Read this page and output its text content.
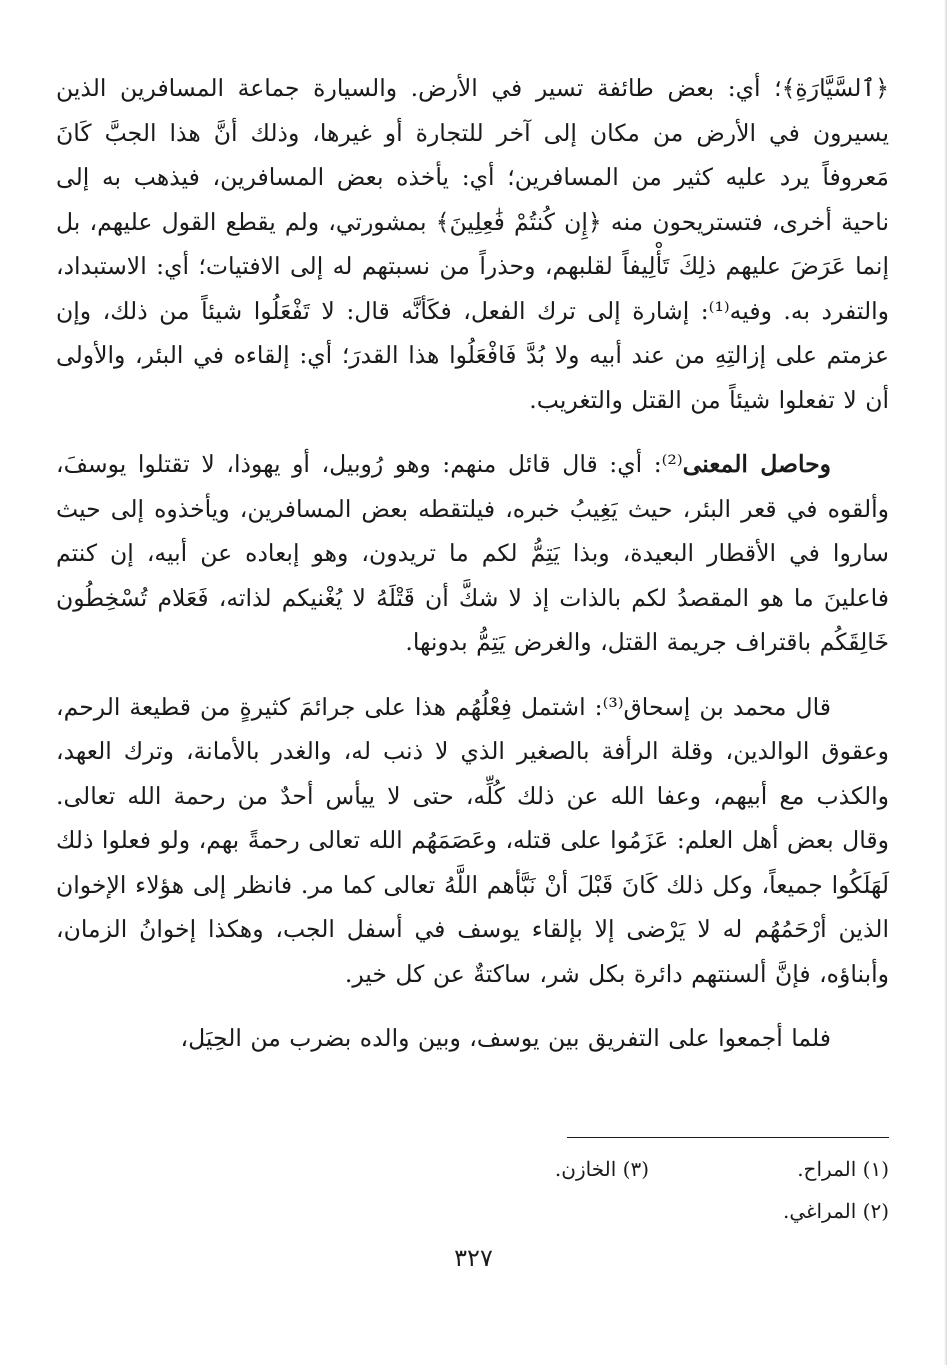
﴿ٱلسَّيَّارَةِ﴾؛ أي: بعض طائفة تسير في الأرض. والسيارة جماعة المسافرين الذين يسيرون في الأرض من مكان إلى آخر للتجارة أو غيرها، وذلك أنَّ هذا الجبَّ كَانَ مَعروفاً يرد عليه كثير من المسافرين؛ أي: يأخذه بعض المسافرين، فيذهب به إلى ناحية أخرى، فتستريحون منه ﴿إِن كُنتُمْ فَٰعِلِينَ﴾ بمشورتي، ولم يقطع القول عليهم، بل إنما عَرَضَ عليهم ذلِكَ تَأْلِيفاً لقلبهم، وحذراً من نسبتهم له إلى الافتيات؛ أي: الاستبداد، والتفرد به. وفيه⁽¹⁾: إشارة إلى ترك الفعل، فكَأنَّه قال: لا تَفْعَلُوا شيئاً من ذلك، وإن عزمتم على إزالتِهِ من عند أبيه ولا بُدَّ فَافْعَلُوا هذا القدرَ؛ أي: إلقاءه في البئر، والأولى أن لا تفعلوا شيئاً من القتل والتغريب.

وحاصل المعنى⁽²⁾: أي: قال قائل منهم: وهو رُوبيل، أو يهوذا، لا تقتلوا يوسفَ، وألقوه في قعر البئر، حيث يَغِيبُ خبره، فيلتقطه بعض المسافرين، ويأخذوه إلى حيث ساروا في الأقطار البعيدة، وبذا يَتِمُّ لكم ما تريدون، وهو إبعاده عن أبيه، إن كنتم فاعلينَ ما هو المقصدُ لكم بالذات إذ لا شكَّ أن قَتْلَهُ لا يُغْنيكم لذاته، فَعَلام تُسْخِطُون خَالِقَكُم باقتراف جريمة القتل، والغرض يَتِمُّ بدونها.

قال محمد بن إسحاق⁽³⁾: اشتمل فِعْلُهُم هذا على جرائمَ كثيرةٍ من قطيعة الرحم، وعقوق الوالدين، وقلة الرأفة بالصغير الذي لا ذنب له، والغدر بالأمانة، وترك العهد، والكذب مع أبيهم، وعفا الله عن ذلك كُلِّه، حتى لا ييأس أحدٌ من رحمة الله تعالى. وقال بعض أهل العلم: عَزَمُوا على قتله، وعَصَمَهُم الله تعالى رحمةً بهم، ولو فعلوا ذلك لَهَلَكُوا جميعاً، وكل ذلك كَانَ قَبْلَ أنْ نَبَّأهم اللَّهُ تعالى كما مر. فانظر إلى هؤلاء الإخوان الذين أرْحَمُهُم له لا يَرْضى إلا بإلقاء يوسف في أسفل الجب، وهكذا إخوانُ الزمان، وأبناؤه، فإنَّ ألسنتهم دائرة بكل شر، ساكتةٌ عن كل خير.

فلما أجمعوا على التفريق بين يوسف، وبين والده بضرب من الحِيَل،

(١) المراح.
(٣) الخازن.
(٢) المراغي.
٣٢٧
